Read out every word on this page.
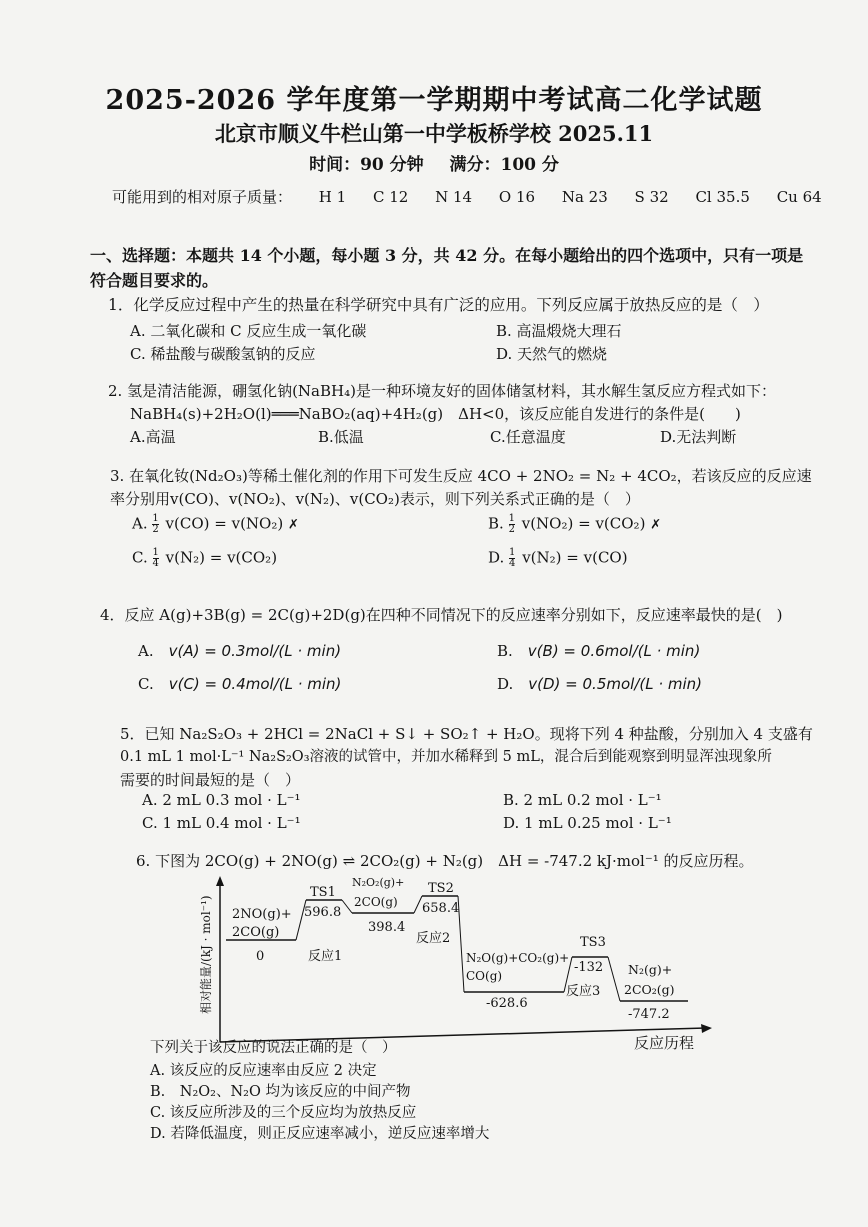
2025-2026 学年度第一学期期中考试高二化学试题
北京市顺义牛栏山第一中学板桥学校 2025.11
时间：90 分钟 满分：100 分
可能用到的相对原子质量： H 1 C 12 N 14 O 16 Na 23 S 32 Cl 35.5 Cu 64
一、选择题：本题共 14 个小题，每小题 3 分，共 42 分。在每小题给出的四个选项中，只有一项是
符合题目要求的。
1．化学反应过程中产生的热量在科学研究中具有广泛的应用。下列反应属于放热反应的是（　）
A. 二氧化碳和 C 反应生成一氧化碳	B. 高温煅烧大理石
C. 稀盐酸与碳酸氢钠的反应	D. 天然气的燃烧
2. 氢是清洁能源，硼氢化钠(NaBH₄)是一种环境友好的固体储氢材料，其水解生氢反应方程式如下：
NaBH₄(s)+2H₂O(l)═══NaBO₂(aq)+4H₂(g)　ΔH<0，该反应能自发进行的条件是(　　)
A.高温	B.低温	C.任意温度	D.无法判断
3. 在氧化钕(Nd₂O₃)等稀土催化剂的作用下可发生反应 4CO + 2NO₂ = N₂ + 4CO₂，若该反应的反应速
率分别用v(CO)、v(NO₂)、v(N₂)、v(CO₂)表示，则下列关系式正确的是（　）
A. $\frac{1}{2} v(CO) = v(NO_2)$ ✗	B. $\frac{1}{2} v(NO_2) = v(CO_2)$ ✗
C. $\frac{1}{4} v(N_2) = v(CO_2)$	D. $\frac{1}{4} v(N_2) = v(CO)$
4．反应 A(g)+3B(g) = 2C(g)+2D(g)在四种不同情况下的反应速率分别如下，反应速率最快的是(　)
A.　v(A) = 0.3mol/(L · min)	B.　v(B) = 0.6mol/(L · min)
C.　v(C) = 0.4mol/(L · min)	D.　v(D) = 0.5mol/(L · min)
5．已知 Na₂S₂O₃ + 2HCl = 2NaCl + S↓ + SO₂↑ + H₂O。现将下列 4 种盐酸，分别加入 4 支盛有
0.1 mL 1 mol·L⁻¹ Na₂S₂O₃溶液的试管中，并加水稀释到 5 mL，混合后到能观察到明显浑浊现象所
需要的时间最短的是（　）
A. 2 mL 0.3 mol · L⁻¹	B. 2 mL 0.2 mol · L⁻¹
C. 1 mL 0.4 mol · L⁻¹	D. 1 mL 0.25 mol · L⁻¹
6. 下图为 2CO(g) + 2NO(g) ⇌ 2CO₂(g) + N₂(g)　ΔH = -747.2 kJ·mol⁻¹ 的反应历程。
相对能量/(kJ · mol⁻¹) 2NO(g)+
2CO(g)
0
TS1
596.8
N₂O₂(g)+
2CO(g)
398.4
反应1
TS2
658.4
反应2
N₂O(g)+CO₂(g)+
CO(g)
-628.6
TS3
-132
反应3
N₂(g)+
2CO₂(g)
-747.2
反应历程
下列关于该反应的说法正确的是（　）
A. 该反应的反应速率由反应 2 决定
B.　N₂O₂、N₂O 均为该反应的中间产物
C. 该反应所涉及的三个反应均为放热反应
D. 若降低温度，则正反应速率减小，逆反应速率增大
